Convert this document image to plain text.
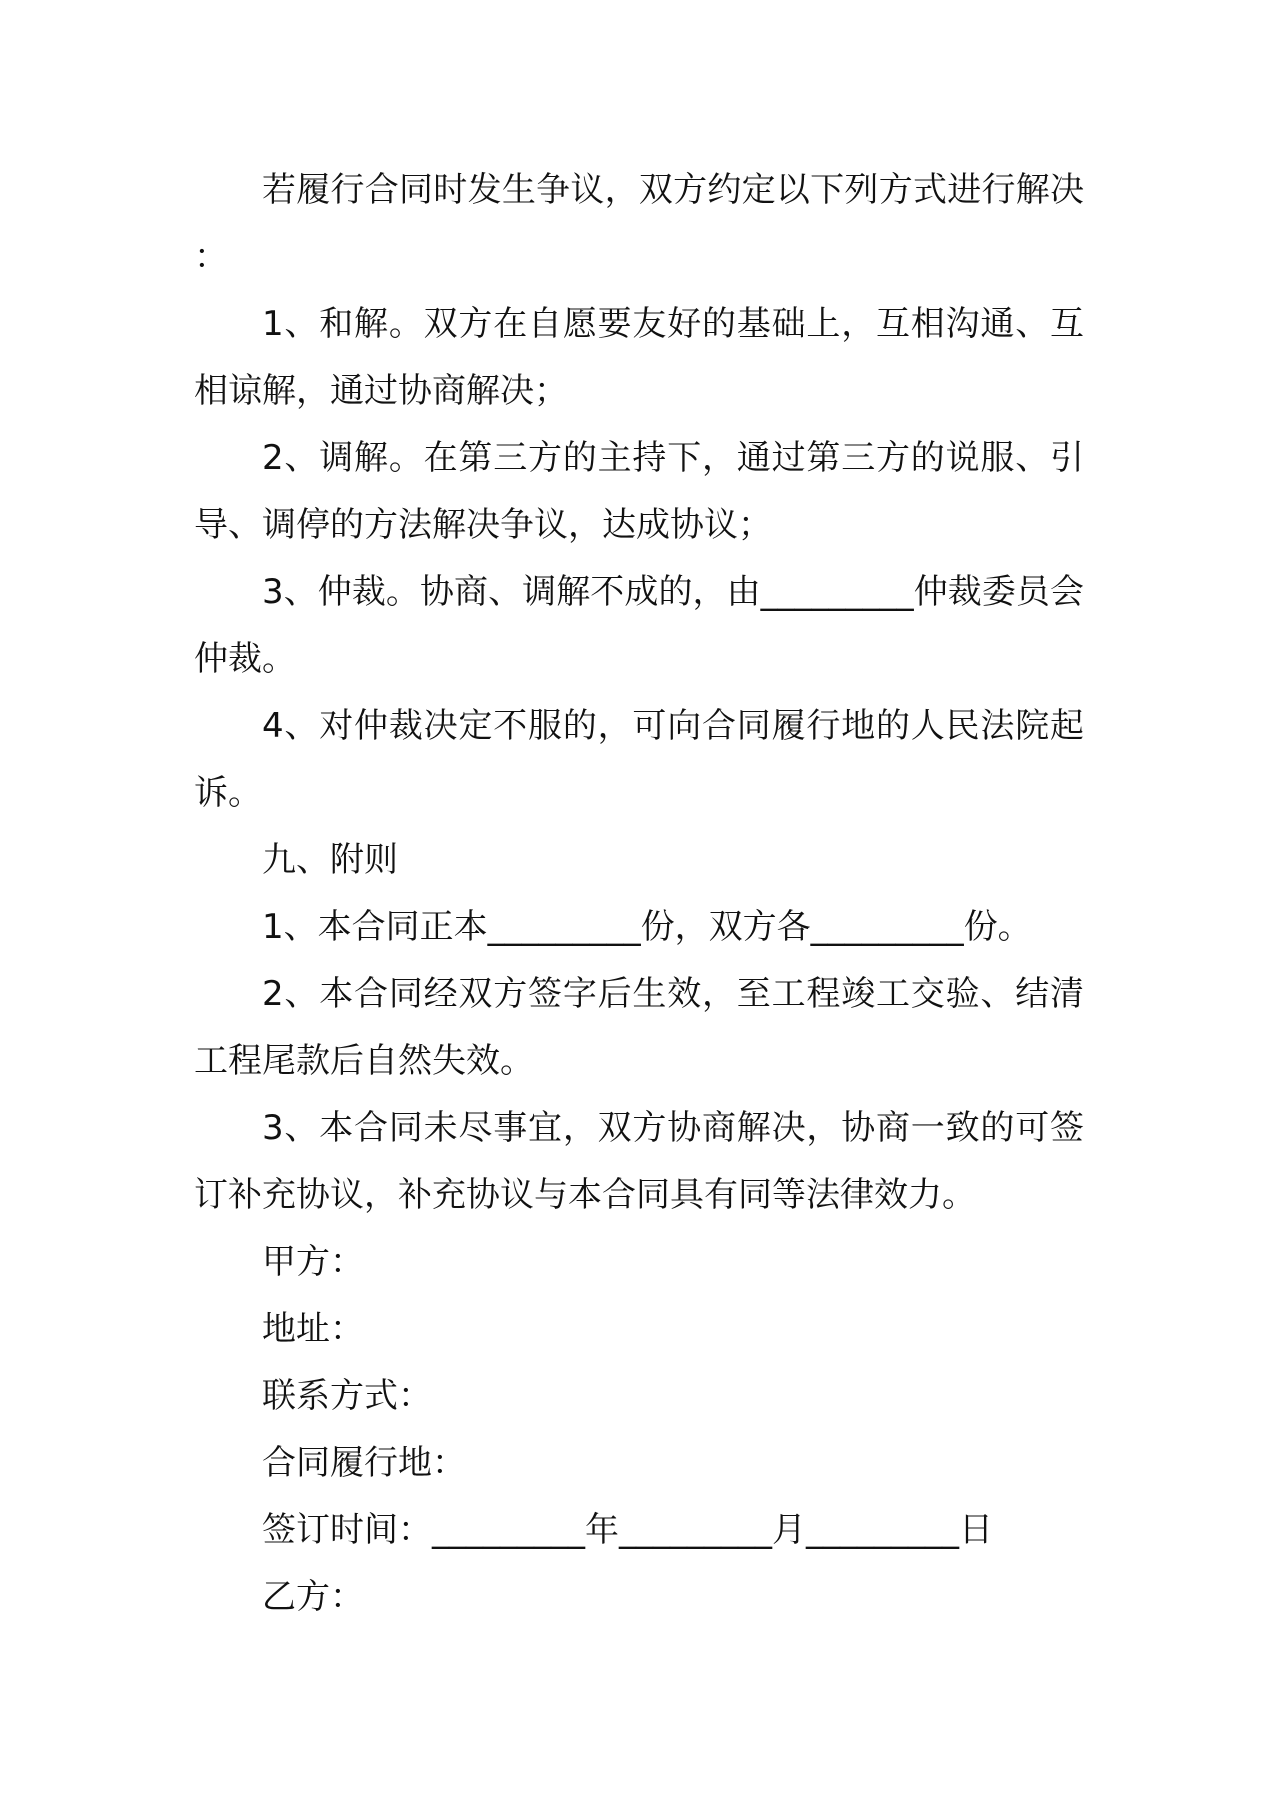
若履行合同时发生争议，双方约定以下列方式进行解决
：
1、和解。双方在自愿要友好的基础上，互相沟通、互
相谅解，通过协商解决；
2、调解。在第三方的主持下，通过第三方的说服、引
导、调停的方法解决争议，达成协议；
3、仲裁。协商、调解不成的，由_________仲裁委员会
仲裁。
4、对仲裁决定不服的，可向合同履行地的人民法院起
诉。
九、附则
1、本合同正本_________份，双方各_________份。
2、本合同经双方签字后生效，至工程竣工交验、结清
工程尾款后自然失效。
3、本合同未尽事宜，双方协商解决，协商一致的可签
订补充协议，补充协议与本合同具有同等法律效力。
甲方：
地址：
联系方式：
合同履行地：
签订时间：_________年_________月_________日
乙方：
